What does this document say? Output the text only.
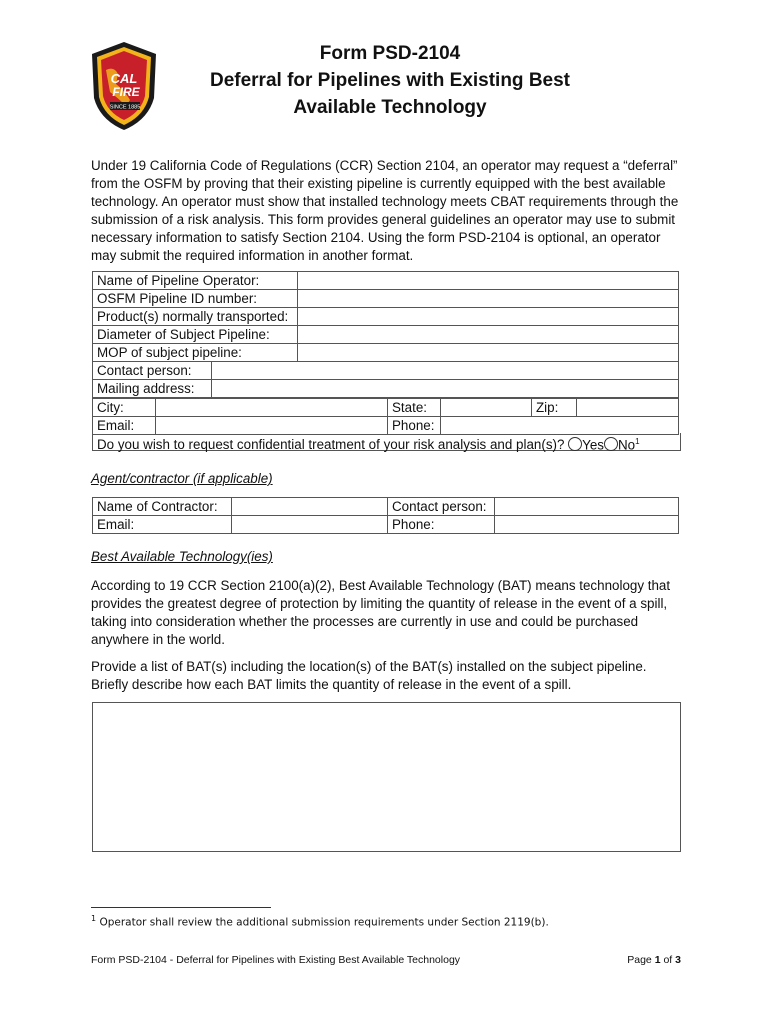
CAL
FIRE
SINCE 1885
Form PSD-2104
Deferral for Pipelines with Existing Best
Available Technology
Under 19 California Code of Regulations (CCR) Section 2104, an operator may request a “deferral” from the OSFM by proving that their existing pipeline is currently equipped with the best available technology. An operator must show that installed technology meets CBAT requirements through the submission of a risk analysis. This form provides general guidelines an operator may use to submit necessary information to satisfy Section 2104. Using the form PSD-2104 is optional, an operator may submit the required information in another format.
Name of Pipeline Operator:	
OSFM Pipeline ID number:	
Product(s) normally transported:	
Diameter of Subject Pipeline:	
MOP of subject pipeline:	
Contact person:	
Mailing address:	
City:		State:		Zip:	
Email:		Phone:			
Do you wish to request confidential treatment of your risk analysis and plan(s)? Yes No$^1$
Agent/contractor (if applicable)
Name of Contractor:		Contact person:	
Email:		Phone:	
Best Available Technology(ies)
According to 19 CCR Section 2100(a)(2), Best Available Technology (BAT) means technology that provides the greatest degree of protection by limiting the quantity of release in the event of a spill, taking into consideration whether the processes are currently in use and could be purchased anywhere in the world.
Provide a list of BAT(s) including the location(s) of the BAT(s) installed on the subject pipeline. Briefly describe how each BAT limits the quantity of release in the event of a spill.
$^1$ Operator shall review the additional submission requirements under Section 2119(b).
Form PSD-2104 - Deferral for Pipelines with Existing Best Available Technology	Page 1 of 3
